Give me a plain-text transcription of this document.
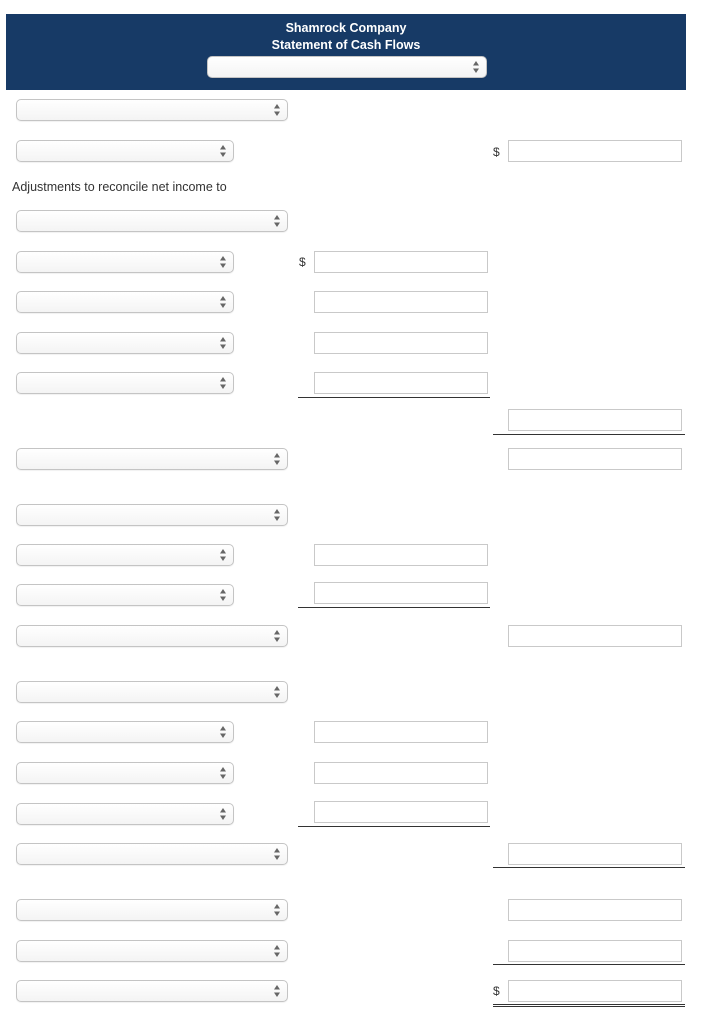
Shamrock Company
Statement of Cash Flows
$
Adjustments to reconcile net income to
$
$
